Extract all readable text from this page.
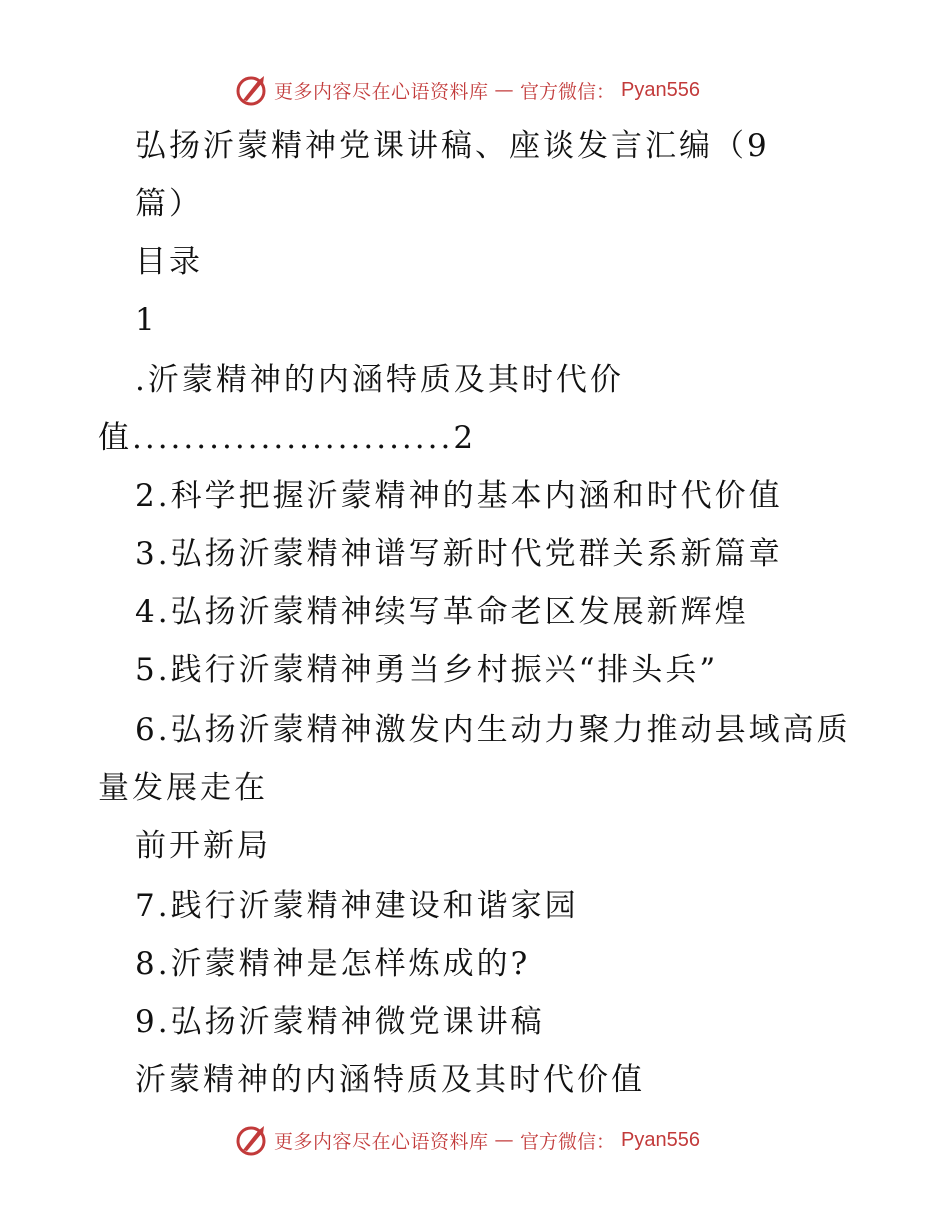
更多内容尽在心语资料库 — 官方微信： Pyan556
弘扬沂蒙精神党课讲稿、座谈发言汇编（9
篇）
目录
1
.沂蒙精神的内涵特质及其时代价
值.........................2
2.科学把握沂蒙精神的基本内涵和时代价值
3.弘扬沂蒙精神谱写新时代党群关系新篇章
4.弘扬沂蒙精神续写革命老区发展新辉煌
5.践行沂蒙精神勇当乡村振兴“排头兵”
6.弘扬沂蒙精神激发内生动力聚力推动县域高质
量发展走在
前开新局
7.践行沂蒙精神建设和谐家园
8.沂蒙精神是怎样炼成的?
9.弘扬沂蒙精神微党课讲稿
沂蒙精神的内涵特质及其时代价值
更多内容尽在心语资料库 — 官方微信： Pyan556
